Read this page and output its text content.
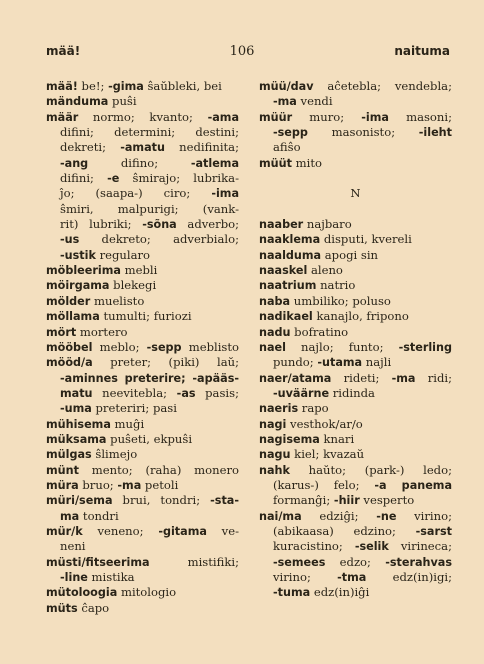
mää!	106	naituma
mää! be!; -gima ŝaŭbleki, bei
mänduma puŝi
määr normo; kvanto; -ama
difini; determini; destini;
dekreti; -amatu nedifinita;
-ang difino; -atlema
difini; -e ŝmirajo; lubrika-
ĵo; (saapa-) ciro; -ima
ŝmiri, malpurigi; (vank-
rit) lubriki; -sõna adverbo;
-us dekreto; adverbialo;
-ustik regularo
möbleerima mebli
möirgama blekegi
mölder muelisto
möllama tumulti; furiozi
mört mortero
mööbel meblo; -sepp meblisto
mööd/a preter; (piki) laŭ;
-aminnes preterire; -apääs-
matu neevitebla; -as pasis;
-uma preteriri; pasi
mühisema muĝi
müksama puŝeti, ekpuŝi
mülgas ŝlimejo
münt mento; (raha) monero
müra bruo; -ma petoli
müri/sema brui, tondri; -sta-
ma tondri
mür/k veneno; -gitama ve-
neni
müsti/fitseerima mistifiki;
-line mistika
mütoloogia mitologio
müts ĉapo
müü/dav aĉetebla; vendebla;
-ma vendi
müür muro; -ima masoni;
-sepp masonisto; -ileht
afiŝo
müüt mito
N
naaber najbaro
naaklema disputi, kvereli
naalduma apogi sin
naaskel aleno
naatrium natrio
naba umbiliko; poluso
nadikael kanajlo, fripono
nadu bofratino
nael najlo; funto; -sterling
pundo; -utama najli
naer/atama rideti; -ma ridi;
-uväärne ridinda
naeris rapo
nagi vesthok/ar/o
nagisema knari
nagu kiel; kvazaŭ
nahk haŭto; (park-) ledo;
(karus-) felo; -a panema
formanĝi; -hiir vesperto
nai/ma edziĝi; -ne virino;
(abikaasa) edzino; -sarst
kuracistino; -selik virineca;
-semees edzo; -sterahvas
virino; -tma edz(in)igi;
-tuma edz(in)iĝi
